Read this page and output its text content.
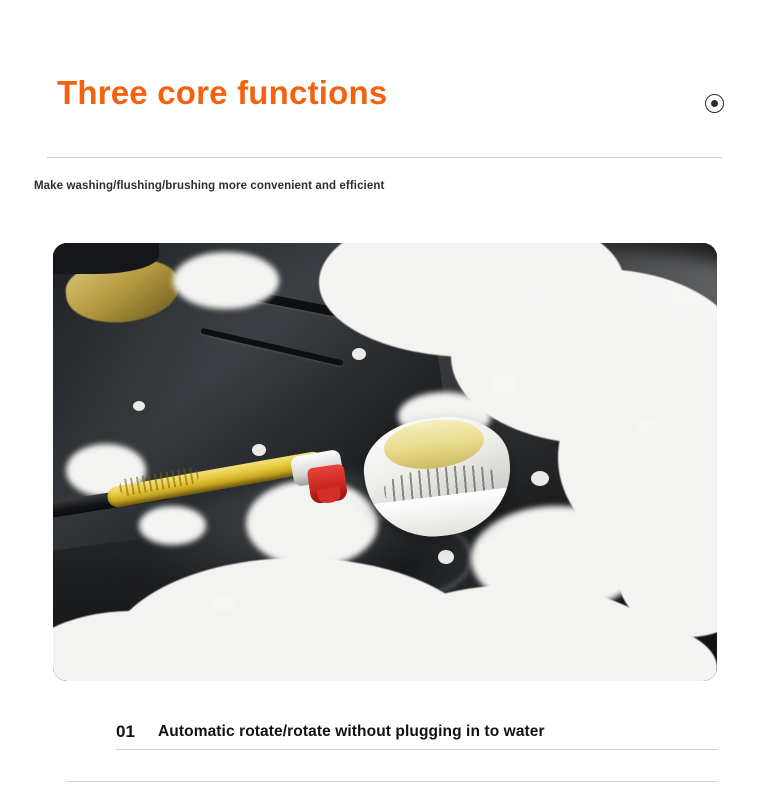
Three core functions
Make washing/flushing/brushing more convenient and efficient
01	Automatic rotate/rotate without plugging in to water
